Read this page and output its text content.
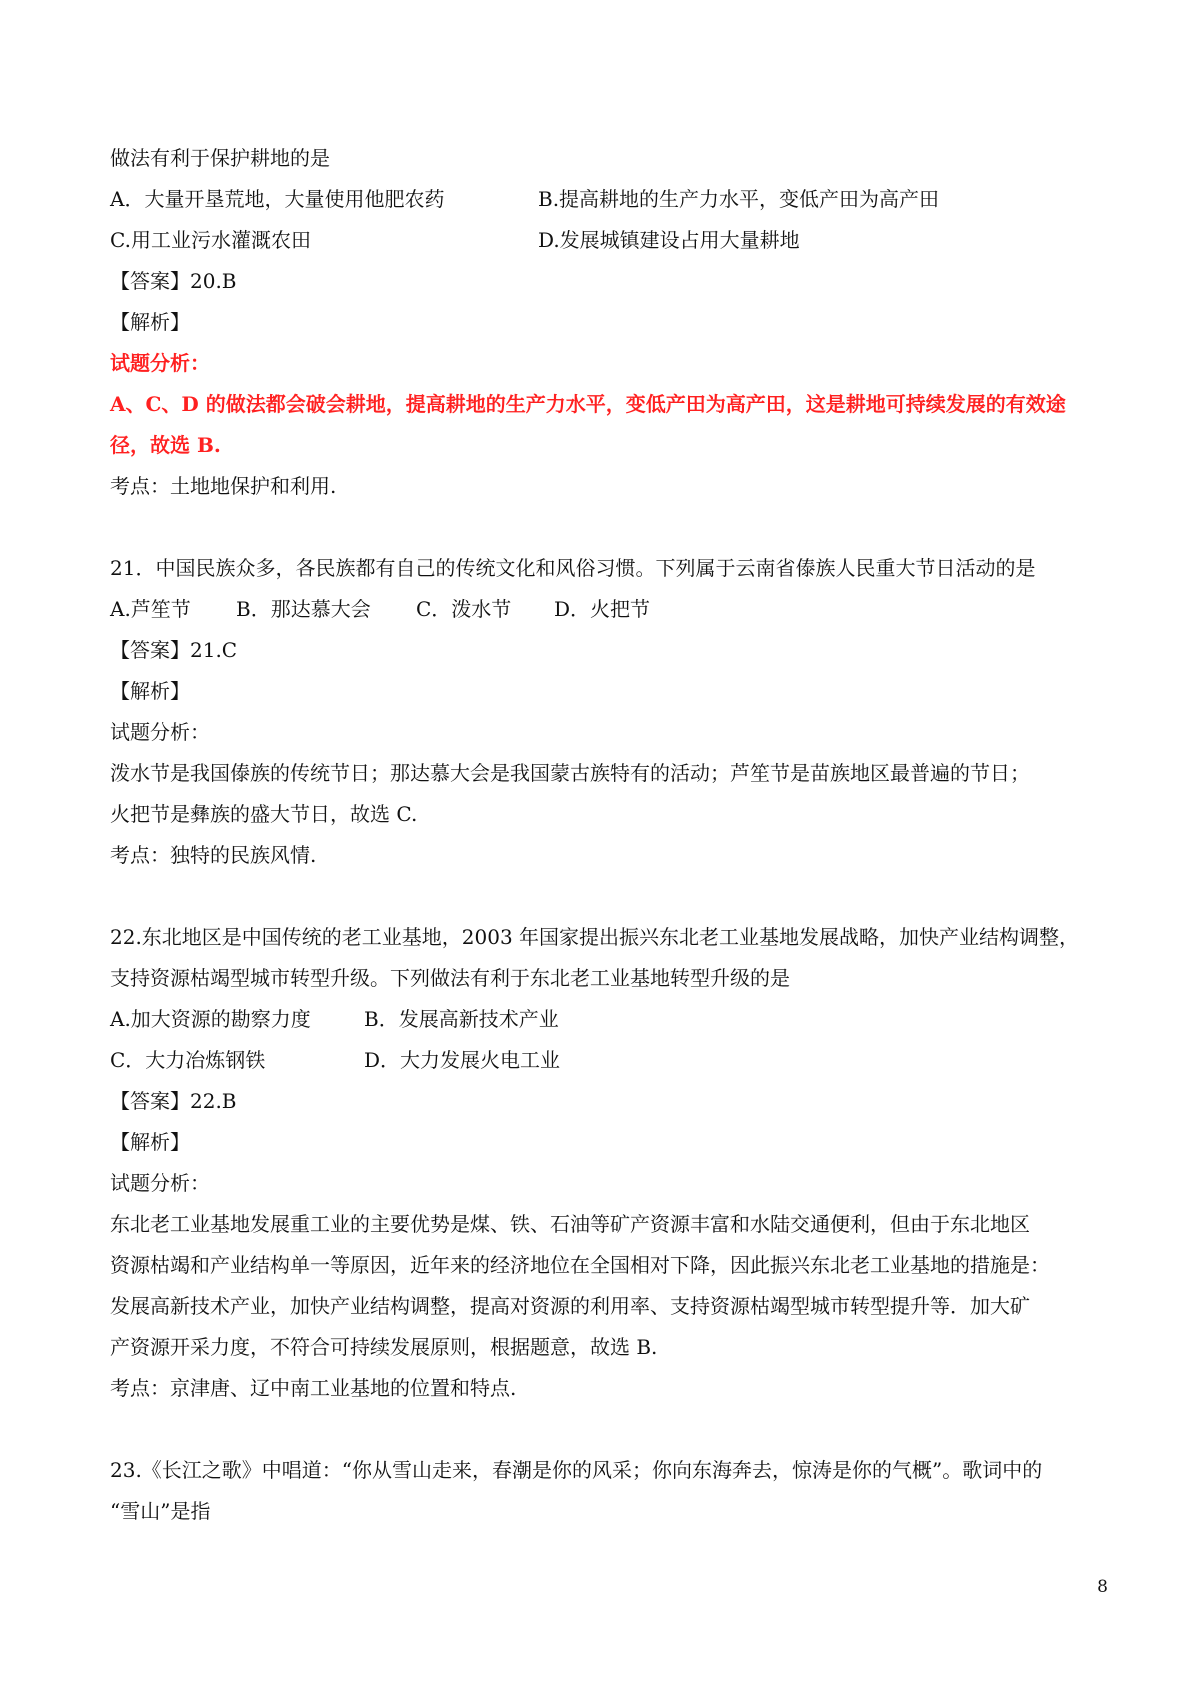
做法有利于保护耕地的是
A．大量开垦荒地，大量使用他肥农药	B.提高耕地的生产力水平，变低产田为高产田
C.用工业污水灌溉农田	D.发展城镇建设占用大量耕地
【答案】20.B
【解析】
试题分析：
A、C、D 的做法都会破会耕地，提高耕地的生产力水平，变低产田为高产田，这是耕地可持续发展的有效途
径，故选 B.
考点：土地地保护和利用.
21．中国民族众多，各民族都有自己的传统文化和风俗习惯。下列属于云南省傣族人民重大节日活动的是
A.芦笙节	B．那达慕大会	C．泼水节	D．火把节
【答案】21.C
【解析】
试题分析：
泼水节是我国傣族的传统节日；那达慕大会是我国蒙古族特有的活动；芦笙节是苗族地区最普遍的节日；
火把节是彝族的盛大节日，故选 C.
考点：独特的民族风情.
22.东北地区是中国传统的老工业基地，2003 年国家提出振兴东北老工业基地发展战略，加快产业结构调整，
支持资源枯竭型城市转型升级。下列做法有利于东北老工业基地转型升级的是
A.加大资源的勘察力度	B．发展高新技术产业
C．大力冶炼钢铁	D．大力发展火电工业
【答案】22.B
【解析】
试题分析：
东北老工业基地发展重工业的主要优势是煤、铁、石油等矿产资源丰富和水陆交通便利，但由于东北地区
资源枯竭和产业结构单一等原因，近年来的经济地位在全国相对下降，因此振兴东北老工业基地的措施是：
发展高新技术产业，加快产业结构调整，提高对资源的利用率、支持资源枯竭型城市转型提升等．加大矿
产资源开采力度，不符合可持续发展原则，根据题意，故选 B.
考点：京津唐、辽中南工业基地的位置和特点.
23.《长江之歌》中唱道：“你从雪山走来，春潮是你的风采；你向东海奔去，惊涛是你的气概”。歌词中的
“雪山”是指
8
